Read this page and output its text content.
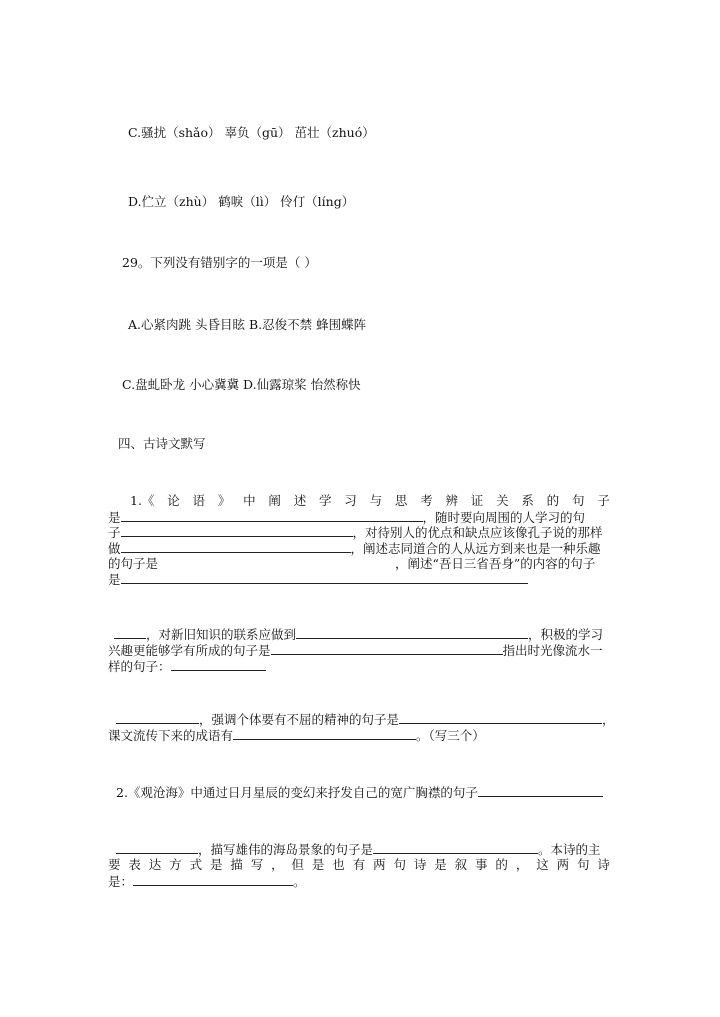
C.骚扰（shǎo） 辜负（gū） 茁壮（zhuó）
D.伫立（zhù） 鹤唳（lì） 伶仃（líng）
29。下列没有错别字的一项是（ ）
A.心紧肉跳 头昏目眩 B.忍俊不禁 蜂围蝶阵
C.盘虬卧龙 小心冀冀 D.仙露琼桨 怡然称快
四、古诗文默写
1.《 论 语 》 中 阐 述 学 习 与 思 考 辨 证 关 系 的 句 子
是	，随时要向周围的人学习的句
子	，对待别人的优点和缺点应该像孔子说的那样
做	，阐述志同道合的人从远方到来也是一种乐趣
的句子是	，阐述“吾日三省吾身”的内容的句子
是
，对新旧知识的联系应做到	，积极的学习
兴趣更能够学有所成的句子是	指出时光像流水一
样的句子：
，强调个体要有不屈的精神的句子是	，
课文流传下来的成语有	。（写三个）
2.《观沧海》中通过日月星辰的变幻来抒发自己的宽广胸襟的句子
，描写雄伟的海岛景象的句子是	。本诗的主
要 表 达 方 式 是 描 写 ， 但 是 也 有 两 句 诗 是 叙 事 的 ， 这 两 句 诗
是：	。
